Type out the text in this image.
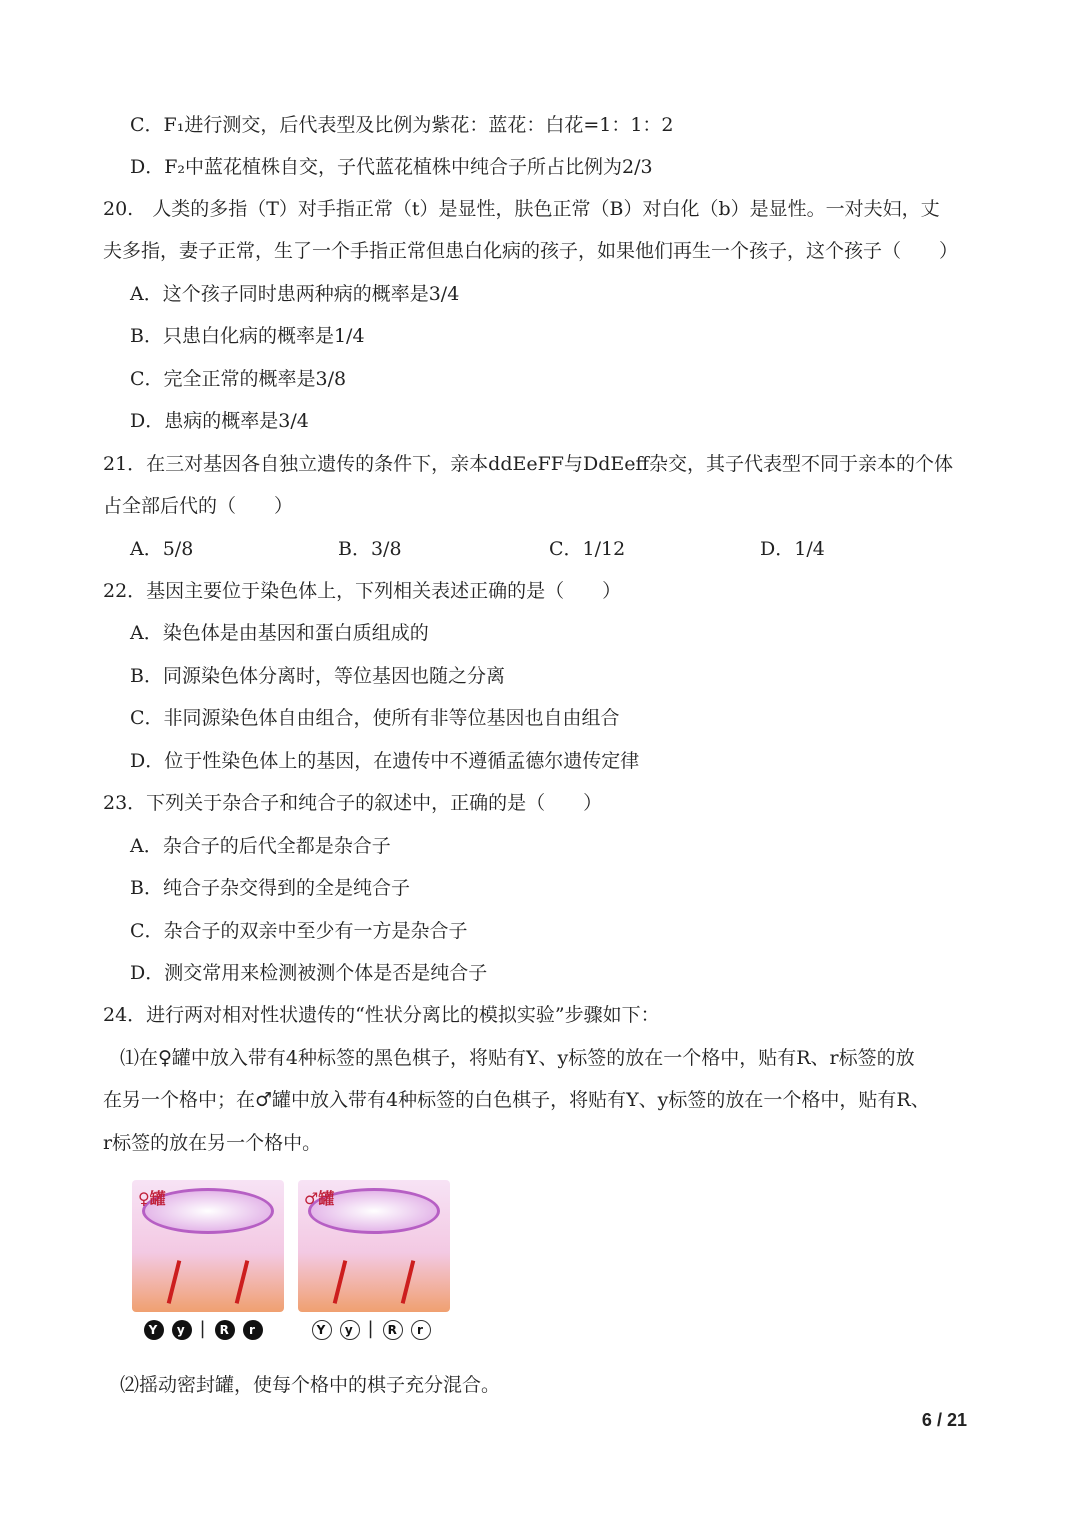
C．F₁进行测交，后代表型及比例为紫花：蓝花：白花=1：1：2
D．F₂中蓝花植株自交，子代蓝花植株中纯合子所占比例为2/3
20.　人类的多指（T）对手指正常（t）是显性，肤色正常（B）对白化（b）是显性。一对夫妇，丈
夫多指，妻子正常，生了一个手指正常但患白化病的孩子，如果他们再生一个孩子，这个孩子（　　）
A．这个孩子同时患两种病的概率是3/4
B．只患白化病的概率是1/4
C．完全正常的概率是3/8
D．患病的概率是3/4
21．在三对基因各自独立遗传的条件下，亲本ddEeFF与DdEeff杂交，其子代表型不同于亲本的个体
占全部后代的（　　）
A．5/8	B．3/8	C．1/12	D．1/4
22．基因主要位于染色体上，下列相关表述正确的是（　　）
A．染色体是由基因和蛋白质组成的
B．同源染色体分离时，等位基因也随之分离
C．非同源染色体自由组合，使所有非等位基因也自由组合
D．位于性染色体上的基因，在遗传中不遵循孟德尔遗传定律
23．下列关于杂合子和纯合子的叙述中，正确的是（　　）
A．杂合子的后代全都是杂合子
B．纯合子杂交得到的全是纯合子
C．杂合子的双亲中至少有一方是杂合子
D．测交常用来检测被测个体是否是纯合子
24．进行两对相对性状遗传的“性状分离比的模拟实验”步骤如下：
⑴在♀罐中放入带有4种标签的黑色棋子，将贴有Y、y标签的放在一个格中，贴有R、r标签的放
在另一个格中；在♂罐中放入带有4种标签的白色棋子，将贴有Y、y标签的放在一个格中，贴有R、
r标签的放在另一个格中。
♀罐	♂罐
Y y | R r	Y y | R r
⑵摇动密封罐，使每个格中的棋子充分混合。
6 / 21
